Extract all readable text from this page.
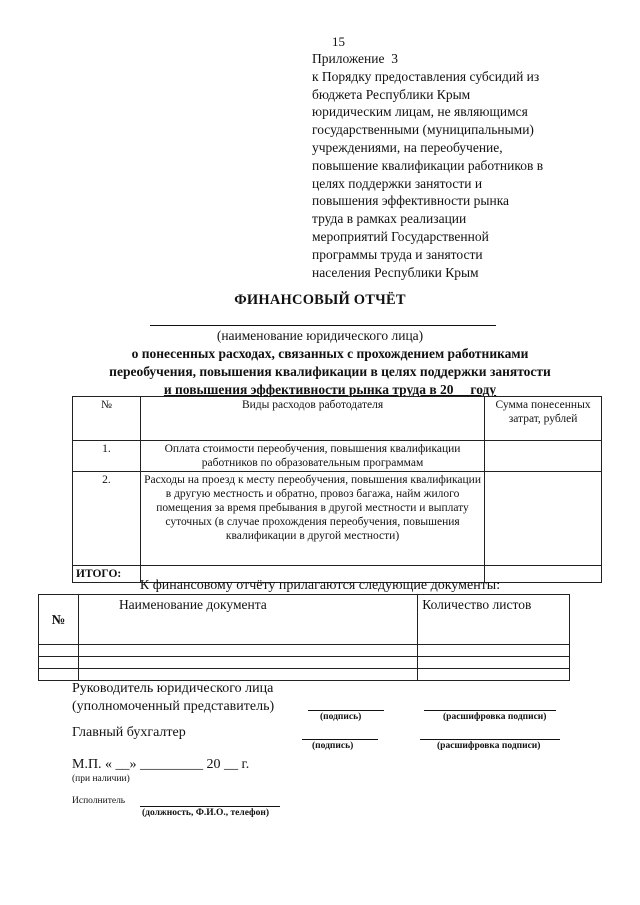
15
Приложение  3
к Порядку предоставления субсидий из
бюджета Республики Крым
юридическим лицам, не являющимся
государственными (муниципальными)
учреждениями, на переобучение,
повышение квалификации работников в
целях поддержки занятости и
повышения эффективности рынка
труда в рамках реализации
мероприятий Государственной
программы труда и занятости
населения Республики Крым
ФИНАНСОВЫЙ ОТЧЁТ
(наименование юридического лица)
о понесенных расходах, связанных с прохождением работниками
переобучения, повышения квалификации в целях поддержки занятости
и повышения эффективности рынка труда в 20__ году
№	Виды расходов работодателя	Сумма понесенных затрат, рублей
1.	Оплата стоимости переобучения, повышения квалификации работников по образовательным программам	
2.	Расходы на проезд к месту переобучения, повышения квалификации в другую местность и обратно, провоз багажа, найм жилого помещения за время пребывания в другой местности и выплату суточных (в случае прохождения переобучения, повышения квалификации в другой местности)	
ИТОГО:		
К финансовому отчёту прилагаются следующие документы:
№	Наименование документа	Количество листов

Руководитель юридического лица
(уполномоченный представитель)
(подпись)	(расшифровка подписи)
Главный бухгалтер
(подпись)	(расшифровка подписи)
М.П. « __» _________ 20 __ г.
(при наличии)
Исполнитель
(должность, Ф.И.О., телефон)
